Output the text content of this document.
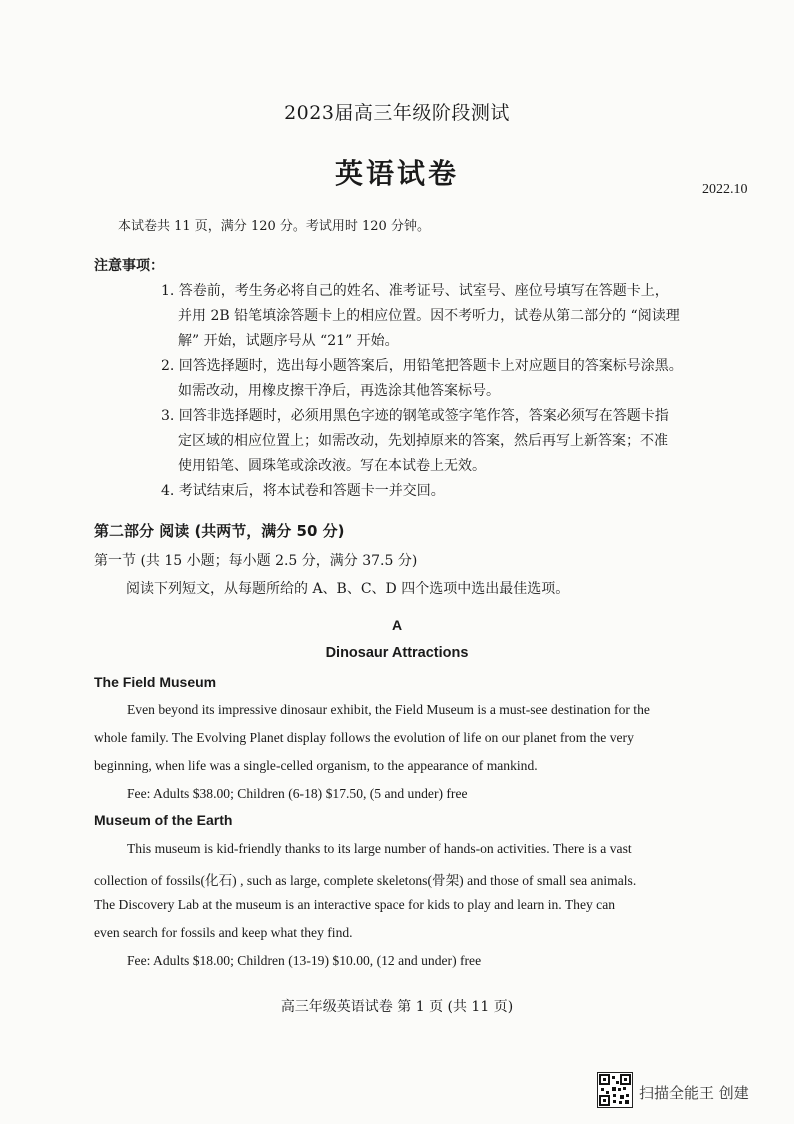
2023届高三年级阶段测试
英语试卷	2022.10
本试卷共 11 页，满分 120 分。考试用时 120 分钟。
注意事项：
1. 答卷前，考生务必将自己的姓名、准考证号、试室号、座位号填写在答题卡上，
并用 2B 铅笔填涂答题卡上的相应位置。因不考听力，试卷从第二部分的 “阅读理
解” 开始，试题序号从 “21” 开始。
2. 回答选择题时，选出每小题答案后，用铅笔把答题卡上对应题目的答案标号涂黑。
如需改动，用橡皮擦干净后，再选涂其他答案标号。
3. 回答非选择题时，必须用黑色字迹的钢笔或签字笔作答，答案必须写在答题卡指
定区域的相应位置上；如需改动，先划掉原来的答案，然后再写上新答案；不准
使用铅笔、圆珠笔或涂改液。写在本试卷上无效。
4. 考试结束后，将本试卷和答题卡一并交回。
第二部分 阅读 (共两节，满分 50 分)
第一节 (共 15 小题；每小题 2.5 分，满分 37.5 分)
阅读下列短文，从每题所给的 A、B、C、D 四个选项中选出最佳选项。
A
Dinosaur Attractions
The Field Museum
Even beyond its impressive dinosaur exhibit, the Field Museum is a must-see destination for the
whole family. The Evolving Planet display follows the evolution of life on our planet from the very
beginning, when life was a single-celled organism, to the appearance of mankind.
Fee: Adults $38.00; Children (6-18) $17.50, (5 and under) free
Museum of the Earth
This museum is kid-friendly thanks to its large number of hands-on activities. There is a vast
collection of fossils(化石) , such as large, complete skeletons(骨架) and those of small sea animals.
The Discovery Lab at the museum is an interactive space for kids to play and learn in. They can
even search for fossils and keep what they find.
Fee: Adults $18.00; Children (13-19) $10.00, (12 and under) free
高三年级英语试卷 第 1 页 (共 11 页)
扫描全能王 创建
